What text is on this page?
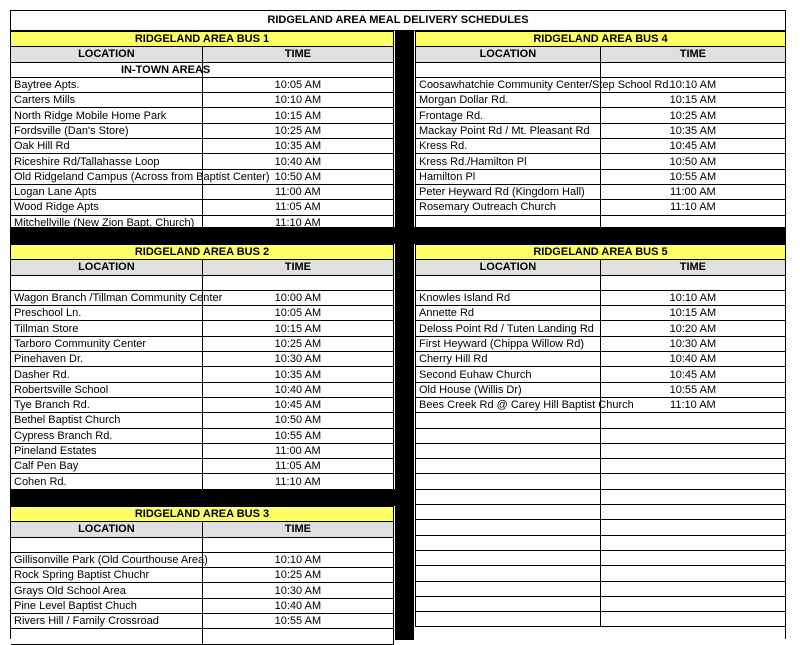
RIDGELAND AREA MEAL DELIVERY SCHEDULES
RIDGELAND AREA BUS 1	
LOCATION	TIME
IN-TOWN AREAS	
Baytree Apts.	10:05 AM
Carters Mills	10:10 AM
North Ridge Mobile Home Park	10:15 AM
Fordsville (Dan's Store)	10:25 AM
Oak Hill Rd	10:35 AM
Riceshire Rd/Tallahasse Loop	10:40 AM
Old Ridgeland Campus (Across from Baptist Center)	10:50 AM
Logan Lane Apts	11:00 AM
Wood Ridge Apts	11:05 AM
Mitchellville (New Zion Bapt. Church)	11:10 AM
RIDGELAND AREA BUS 2	
LOCATION	TIME

Wagon Branch /Tillman Community Center	10:00 AM
Preschool Ln.	10:05 AM
Tillman Store	10:15 AM
Tarboro Community Center	10:25 AM
Pinehaven Dr.	10:30 AM
Dasher Rd.	10:35 AM
Robertsville School	10:40 AM
Tye Branch Rd.	10:45 AM
Bethel Baptist Church	10:50 AM
Cypress Branch Rd.	10:55 AM
Pineland Estates	11:00 AM
Calf Pen Bay	11:05 AM
Cohen Rd.	11:10 AM
RIDGELAND AREA BUS 3	
LOCATION	TIME

Gillisonville Park (Old Courthouse Area)	10:10 AM
Rock Spring Baptist Chuchr	10:25 AM
Grays Old School Area	10:30 AM
Pine Level Baptist Chuch	10:40 AM
Rivers Hill / Family Crossroad	10:55 AM

RIDGELAND AREA BUS 4	
LOCATION	TIME

Coosawhatchie Community Center/Step School Rd.	10:10 AM
Morgan Dollar Rd.	10:15 AM
Frontage Rd.	10:25 AM
Mackay Point Rd / Mt. Pleasant Rd	10:35 AM
Kress Rd.	10:45 AM
Kress Rd./Hamilton Pl	10:50 AM
Hamilton Pl	10:55 AM
Peter Heyward Rd (Kingdom Hall)	11:00 AM
Rosemary Outreach Church	11:10 AM

RIDGELAND AREA BUS 5	
LOCATION	TIME

Knowles Island Rd	10:10 AM
Annette Rd	10:15 AM
Deloss Point Rd / Tuten Landing Rd	10:20 AM
First Heyward (Chippa Willow Rd)	10:30 AM
Cherry Hill Rd	10:40 AM
Second Euhaw Church	10:45 AM
Old House (Willis Dr)	10:55 AM
Bees Creek Rd @ Carey Hill Baptist Church	11:10 AM
